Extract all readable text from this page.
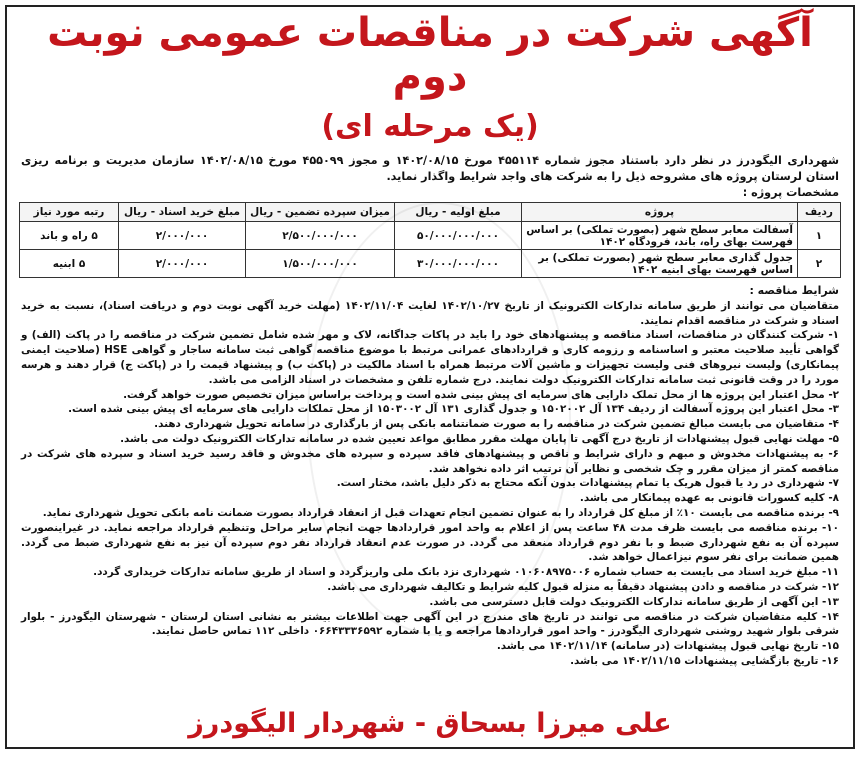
آگهی شرکت در مناقصات عمومی نوبت دوم
(یک مرحله ای)
شهرداری الیگودرز در نظر دارد باستناد مجوز شماره ۴۵۵۱۱۴ مورخ ۱۴۰۲/۰۸/۱۵ و مجوز ۴۵۵۰۹۹ مورخ ۱۴۰۲/۰۸/۱۵ سازمان مدیریت و برنامه ریزی استان لرستان پروژه های مشروحه ذیل را به شرکت های واجد شرایط واگذار نماید.
مشخصات پروژه :
ردیف	پروژه	مبلغ اولیه - ریال	میزان سپرده تضمین - ریال	مبلغ خرید اسناد - ریال	رتبه مورد نیاز
۱	آسفالت معابر سطح شهر (بصورت تملکی) بر اساس فهرست بهای راه، باند، فرودگاه ۱۴۰۲	۵۰/۰۰۰/۰۰۰/۰۰۰	۲/۵۰۰/۰۰۰/۰۰۰	۲/۰۰۰/۰۰۰	۵ راه و باند
۲	جدول گذاری معابر سطح شهر (بصورت تملکی) بر اساس فهرست بهای ابنیه ۱۴۰۲	۳۰/۰۰۰/۰۰۰/۰۰۰	۱/۵۰۰/۰۰۰/۰۰۰	۲/۰۰۰/۰۰۰	۵ ابنیه

شرایط مناقصه :

متقاضیان می توانند از طریق سامانه تدارکات الکترونیک از تاریخ ۱۴۰۲/۱۰/۲۷ لغایت ۱۴۰۲/۱۱/۰۴ (مهلت خرید آگهی نوبت دوم و دریافت اسناد)، نسبت به خرید اسناد و شرکت در مناقصه اقدام نمایند.

۱- شرکت کنندگان در مناقصات، اسناد مناقصه و پیشنهادهای خود را باید در پاکات جداگانه، لاک و مهر شده شامل تضمین شرکت در مناقصه را در پاکت (الف) و گواهی تأیید صلاحیت معتبر و اساسنامه و رزومه کاری و قراردادهای عمرانی مرتبط با موضوع مناقصه گواهی ثبت سامانه ساجار و گواهی HSE (صلاحیت ایمنی پیمانکاری) ولیست نیروهای فنی ولیست تجهیزات و ماشین آلات مرتبط همراه با اسناد مالکیت در (پاکت ب) و پیشنهاد قیمت را در (پاکت ج) قرار دهند و هرسه مورد را در وقت قانونی ثبت سامانه تدارکات الکترونیک دولت نمایند. درج شماره تلفن و مشخصات در اسناد الزامی می باشد.

۲- محل اعتبار این پروژه ها از محل تملک دارایی های سرمایه ای پیش بینی شده است و پرداخت براساس میزان تخصیص صورت خواهد گرفت.

۳- محل اعتبار این پروژه آسفالت از ردیف ۱۳۴ آل ۱۵۰۲۰۰۲ و جدول گذاری ۱۳۱ آل ۱۵۰۳۰۰۲ از محل تملکات دارایی های سرمایه ای پیش بینی شده است.

۴- متقاضیان می بایست مبالغ تضمین شرکت در مناقصه را به صورت ضمانتنامه بانکی پس از بارگذاری در سامانه تحویل شهرداری دهند.

۵- مهلت نهایی قبول پیشنهادات از تاریخ درج آگهی تا پایان مهلت مقرر مطابق مواعد تعیین شده در سامانه تدارکات الکترونیک دولت می باشد.

۶- به پیشنهادات مخدوش و مبهم و دارای شرایط و ناقص و پیشنهادهای فاقد سپرده و سپرده های مخدوش و فاقد رسید خرید اسناد و سپرده های شرکت در مناقصه کمتر از میزان مقرر و چک شخصی و نظایر آن ترتیب اثر داده نخواهد شد.

۷- شهرداری در رد یا قبول هریک یا تمام پیشنهادات بدون آنکه محتاج به ذکر دلیل باشد، مختار است.

۸- کلیه کسورات قانونی به عهده پیمانکار می باشد.

۹- برنده مناقصه می بایست ۱۰٪ از مبلغ کل قرارداد را به عنوان تضمین انجام تعهدات قبل از انعقاد قرارداد بصورت ضمانت نامه بانکی تحویل شهرداری نماید.

۱۰- برنده مناقصه می بایست ظرف مدت ۴۸ ساعت پس از اعلام به واحد امور قراردادها جهت انجام سایر مراحل وتنظیم قرارداد مراجعه نماید. در غیراینصورت سپرده آن به نفع شهرداری ضبط و با نفر دوم قرارداد منعقد می گردد. در صورت عدم انعقاد قرارداد نفر دوم سپرده آن نیز به نفع شهرداری ضبط می گردد. همین ضمانت برای نفر سوم نیزاعمال خواهد شد.

۱۱- مبلغ خرید اسناد می بایست به حساب شماره ۰۱۰۶۰۸۹۷۵۰۰۶ شهرداری نزد بانک ملی واریزگردد و اسناد از طریق سامانه تدارکات خریداری گردد.

۱۲- شرکت در مناقصه و دادن پیشنهاد دقیقاً به منزله قبول کلیه شرایط و تکالیف شهرداری می باشد.

۱۳- این آگهی از طریق سامانه تدارکات الکترونیک دولت قابل دسترسی می باشد.

۱۴- کلیه متقاضیان شرکت در مناقصه می توانند در تاریخ های مندرج در این آگهی جهت اطلاعات بیشتر به نشانی استان لرستان - شهرستان الیگودرز - بلوار شرقی بلوار شهید روشنی شهرداری الیگودرز - واحد امور قراردادها مراجعه و یا با شماره ۰۶۶۴۳۳۳۶۵۹۲ داخلی ۱۱۲ تماس حاصل نمایند.

۱۵- تاریخ نهایی قبول پیشنهادات (در سامانه) ۱۴۰۲/۱۱/۱۴ می باشد.

۱۶- تاریخ بازگشایی پیشنهادات ۱۴۰۲/۱۱/۱۵ می باشد.

علی میرزا بسحاق - شهردار الیگودرز
